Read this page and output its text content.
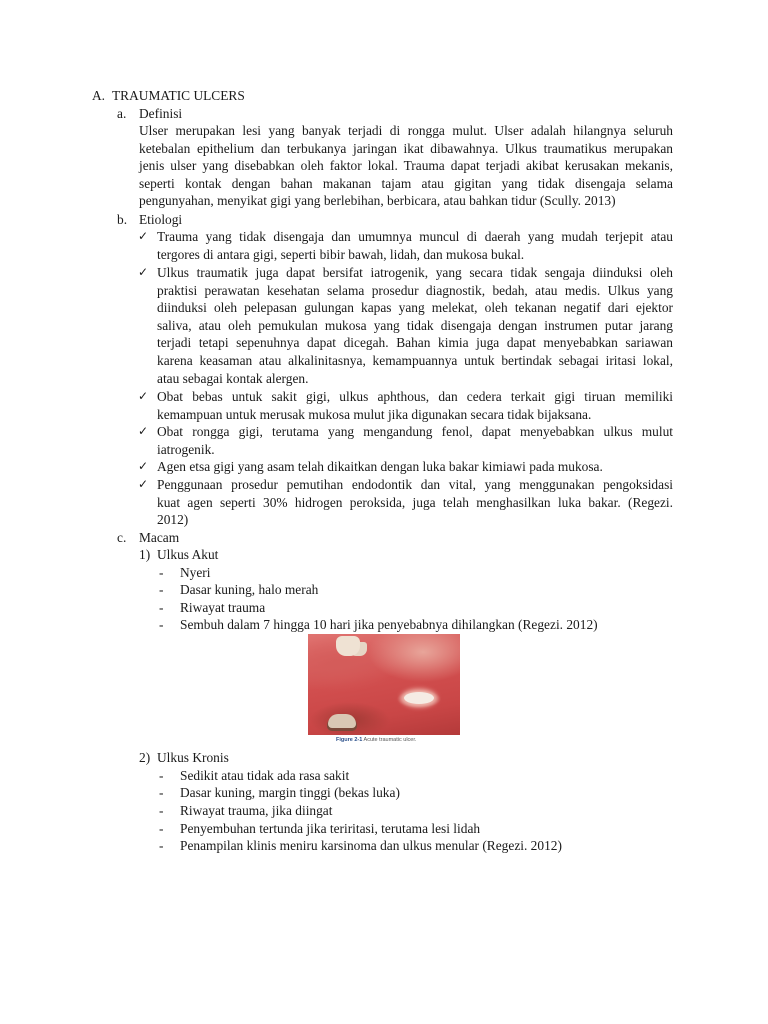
A. TRAUMATIC ULCERS
a. Definisi

Ulser merupakan lesi yang banyak terjadi di rongga mulut. Ulser adalah hilangnya seluruh

ketebalan epithelium dan terbukanya jaringan ikat dibawahnya. Ulkus traumatikus merupakan

jenis ulser yang disebabkan oleh faktor lokal. Trauma dapat terjadi akibat kerusakan mekanis,

seperti kontak dengan bahan makanan tajam atau gigitan yang tidak disengaja selama

pengunyahan, menyikat gigi yang berlebihan, berbicara, atau bahkan tidur (Scully. 2013)

b. Etiologi
✓ Trauma yang tidak disengaja dan umumnya muncul di daerah yang mudah terjepit atau

tergores di antara gigi, seperti bibir bawah, lidah, dan mukosa bukal.

✓ Ulkus traumatik juga dapat bersifat iatrogenik, yang secara tidak sengaja diinduksi oleh

praktisi perawatan kesehatan selama prosedur diagnostik, bedah, atau medis. Ulkus yang

diinduksi oleh pelepasan gulungan kapas yang melekat, oleh tekanan negatif dari ejektor

saliva, atau oleh pemukulan mukosa yang tidak disengaja dengan instrumen putar jarang

terjadi tetapi sepenuhnya dapat dicegah. Bahan kimia juga dapat menyebabkan sariawan

karena keasaman atau alkalinitasnya, kemampuannya untuk bertindak sebagai iritasi lokal,

atau sebagai kontak alergen.

✓ Obat bebas untuk sakit gigi, ulkus aphthous, dan cedera terkait gigi tiruan memiliki

kemampuan untuk merusak mukosa mulut jika digunakan secara tidak bijaksana.

✓ Obat rongga gigi, terutama yang mengandung fenol, dapat menyebabkan ulkus mulut

iatrogenik.

✓ Agen etsa gigi yang asam telah dikaitkan dengan luka bakar kimiawi pada mukosa.

✓ Penggunaan prosedur pemutihan endodontik dan vital, yang menggunakan pengoksidasi

kuat agen seperti 30% hidrogen peroksida, juga telah menghasilkan luka bakar. (Regezi.

2012)

c. Macam
1) Ulkus Akut
- Nyeri
- Dasar kuning, halo merah
- Riwayat trauma
- Sembuh dalam 7 hingga 10 hari jika penyebabnya dihilangkan (Regezi. 2012)
Figure 2-1 Acute traumatic ulcer.
2) Ulkus Kronis
- Sedikit atau tidak ada rasa sakit
- Dasar kuning, margin tinggi (bekas luka)
- Riwayat trauma, jika diingat
- Penyembuhan tertunda jika teriritasi, terutama lesi lidah
- Penampilan klinis meniru karsinoma dan ulkus menular (Regezi. 2012)
